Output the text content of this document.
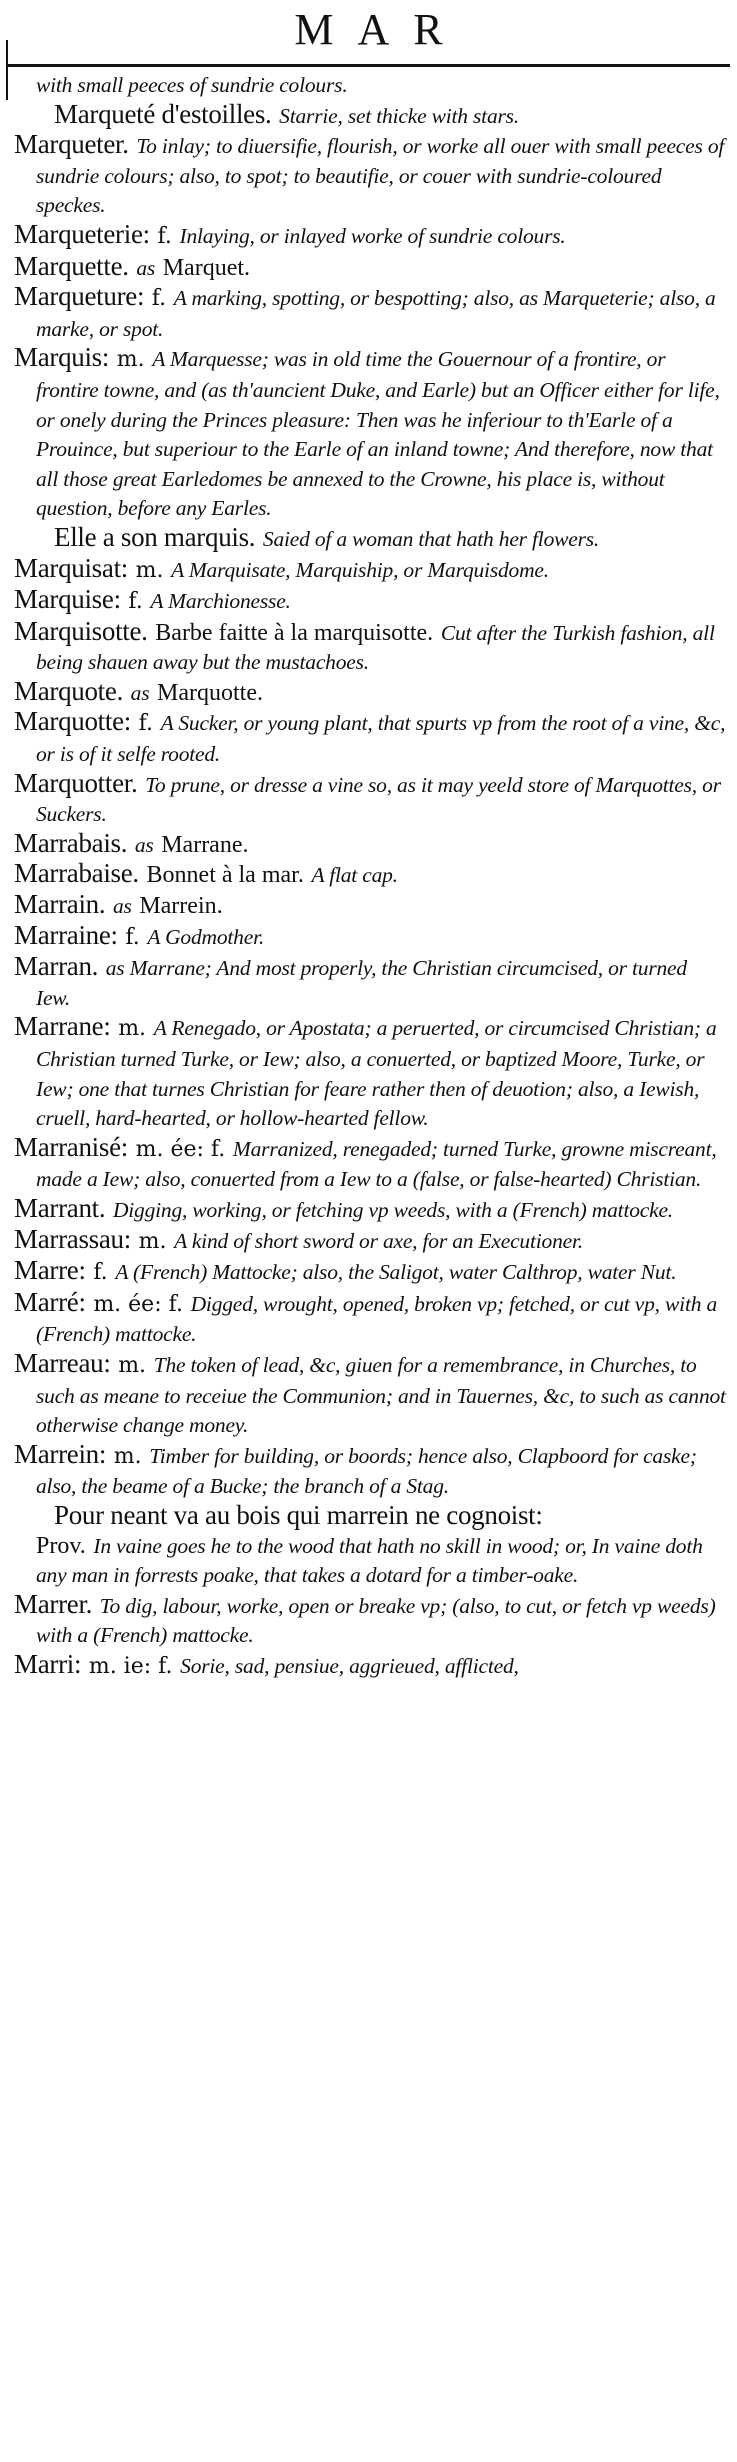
MAR

with small peeces of sundrie colours.

Marqueté d'estoilles. Starrie, set thicke with stars.

Marqueter. To inlay; to diuersifie, flourish, or worke all ouer with small peeces of sundrie colours; also, to spot; to beautifie, or couer with sundrie-coloured speckes.

Marqueterie: f. Inlaying, or inlayed worke of sundrie colours.

Marquette. as Marquet.

Marqueture: f. A marking, spotting, or bespotting; also, as Marqueterie; also, a marke, or spot.

Marquis: m. A Marquesse; was in old time the Gouernour of a frontire, or frontire towne, and (as th'auncient Duke, and Earle) but an Officer either for life, or onely during the Princes pleasure: Then was he inferiour to th'Earle of a Prouince, but superiour to the Earle of an inland towne; And therefore, now that all those great Earledomes be annexed to the Crowne, his place is, without question, before any Earles.

Elle a son marquis. Saied of a woman that hath her flowers.

Marquisat: m. A Marquisate, Marquiship, or Marquisdome.

Marquise: f. A Marchionesse.

Marquisotte. Barbe faitte à la marquisotte. Cut after the Turkish fashion, all being shauen away but the mustachoes.

Marquote. as Marquotte.

Marquotte: f. A Sucker, or young plant, that spurts vp from the root of a vine, &c, or is of it selfe rooted.

Marquotter. To prune, or dresse a vine so, as it may yeeld store of Marquottes, or Suckers.

Marrabais. as Marrane.

Marrabaise. Bonnet à la mar. A flat cap.

Marrain. as Marrein.

Marraine: f. A Godmother.

Marran. as Marrane; And most properly, the Christian circumcised, or turned Iew.

Marrane: m. A Renegado, or Apostata; a peruerted, or circumcised Christian; a Christian turned Turke, or Iew; also, a conuerted, or baptized Moore, Turke, or Iew; one that turnes Christian for feare rather then of deuotion; also, a Iewish, cruell, hard-hearted, or hollow-hearted fellow.

Marranisé: m. ée: f. Marranized, renegaded; turned Turke, growne miscreant, made a Iew; also, conuerted from a Iew to a (false, or false-hearted) Christian.

Marrant. Digging, working, or fetching vp weeds, with a (French) mattocke.

Marrassau: m. A kind of short sword or axe, for an Executioner.

Marre: f. A (French) Mattocke; also, the Saligot, water Calthrop, water Nut.

Marré: m. ée: f. Digged, wrought, opened, broken vp; fetched, or cut vp, with a (French) mattocke.

Marreau: m. The token of lead, &c, giuen for a remembrance, in Churches, to such as meane to receiue the Communion; and in Tauernes, &c, to such as cannot otherwise change money.

Marrein: m. Timber for building, or boords; hence also, Clapboord for caske; also, the beame of a Bucke; the branch of a Stag.

Pour neant va au bois qui marrein ne cognoist:

Prov. In vaine goes he to the wood that hath no skill in wood; or, In vaine doth any man in forrests poake, that takes a dotard for a timber-oake.

Marrer. To dig, labour, worke, open or breake vp; (also, to cut, or fetch vp weeds) with a (French) mattocke.

Marri: m. ie: f. Sorie, sad, pensiue, aggrieued, afflicted,
